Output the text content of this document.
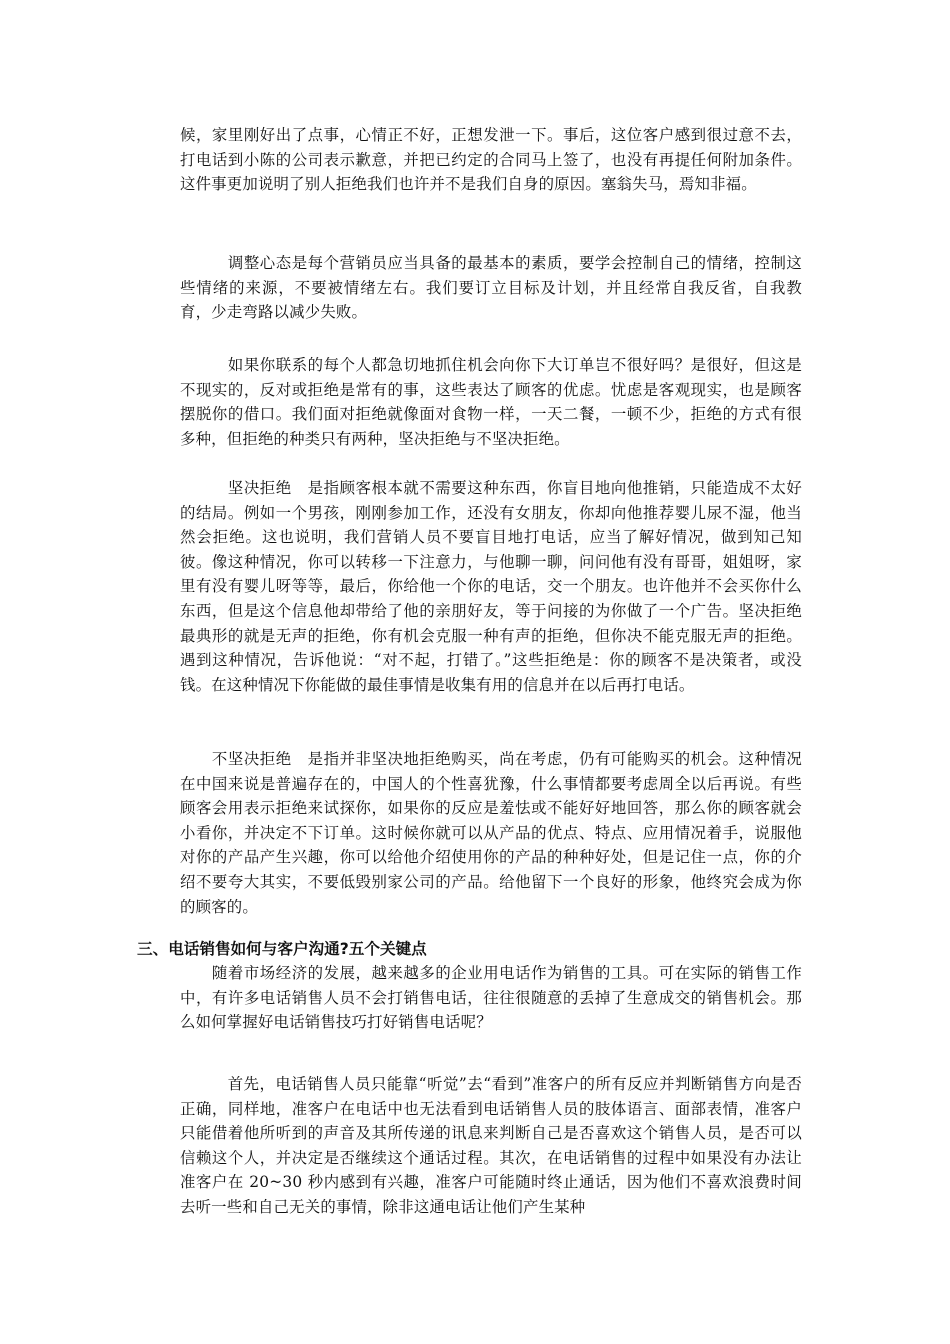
候，家里刚好出了点事，心情正不好，正想发泄一下。事后，这位客户感到很过意不去，打电话到小陈的公司表示歉意，并把已约定的合同马上签了，也没有再提任何附加条件。这件事更加说明了别人拒绝我们也许并不是我们自身的原因。塞翁失马，焉知非福。

　　　调整心态是每个营销员应当具备的最基本的素质，要学会控制自己的情绪，控制这些情绪的来源，不要被情绪左右。我们要订立目标及计划，并且经常自我反省，自我教育，少走弯路以减少失败。

　　　如果你联系的每个人都急切地抓住机会向你下大订单岂不很好吗？是很好，但这是不现实的，反对或拒绝是常有的事，这些表达了顾客的优虑。忧虑是客观现实，也是顾客摆脱你的借口。我们面对拒绝就像面对食物一样，一天二餐，一顿不少，拒绝的方式有很多种，但拒绝的种类只有两种，坚决拒绝与不坚决拒绝。

　　　坚决拒绝　是指顾客根本就不需要这种东西，你盲目地向他推销，只能造成不太好的结局。例如一个男孩，刚刚参加工作，还没有女朋友，你却向他推荐婴儿尿不湿，他当然会拒绝。这也说明，我们营销人员不要盲目地打电话，应当了解好情况，做到知己知彼。像这种情况，你可以转移一下注意力，与他聊一聊，问问他有没有哥哥，姐姐呀，家里有没有婴儿呀等等，最后，你给他一个你的电话，交一个朋友。也许他并不会买你什么东西，但是这个信息他却带给了他的亲朋好友，等于问接的为你做了一个广告。坚决拒绝最典形的就是无声的拒绝，你有机会克服一种有声的拒绝，但你决不能克服无声的拒绝。遇到这种情况，告诉他说：“对不起，打错了。”这些拒绝是：你的顾客不是决策者，或没钱。在这种情况下你能做的最佳事情是收集有用的信息并在以后再打电话。

　　不坚决拒绝　是指并非坚决地拒绝购买，尚在考虑，仍有可能购买的机会。这种情况在中国来说是普遍存在的，中国人的个性喜犹豫，什么事情都要考虑周全以后再说。有些顾客会用表示拒绝来试探你，如果你的反应是羞怯或不能好好地回答，那么你的顾客就会小看你，并决定不下订单。这时候你就可以从产品的优点、特点、应用情况着手，说服他对你的产品产生兴趣，你可以给他介绍使用你的产品的种种好处，但是记住一点，你的介绍不要夸大其实，不要低毁别家公司的产品。给他留下一个良好的形象，他终究会成为你的顾客的。

三、电话销售如何与客户沟通?五个关键点

　　随着市场经济的发展，越来越多的企业用电话作为销售的工具。可在实际的销售工作中，有许多电话销售人员不会打销售电话，往往很随意的丢掉了生意成交的销售机会。那么如何掌握好电话销售技巧打好销售电话呢？

　　　首先，电话销售人员只能靠“听觉”去“看到”准客户的所有反应并判断销售方向是否正确，同样地，准客户在电话中也无法看到电话销售人员的肢体语言、面部表情，准客户只能借着他所听到的声音及其所传递的讯息来判断自己是否喜欢这个销售人员，是否可以信赖这个人，并决定是否继续这个通话过程。其次，在电话销售的过程中如果没有办法让准客户在 20~30 秒内感到有兴趣，准客户可能随时终止通话，因为他们不喜欢浪费时间去听一些和自己无关的事情，除非这通电话让他们产生某种
